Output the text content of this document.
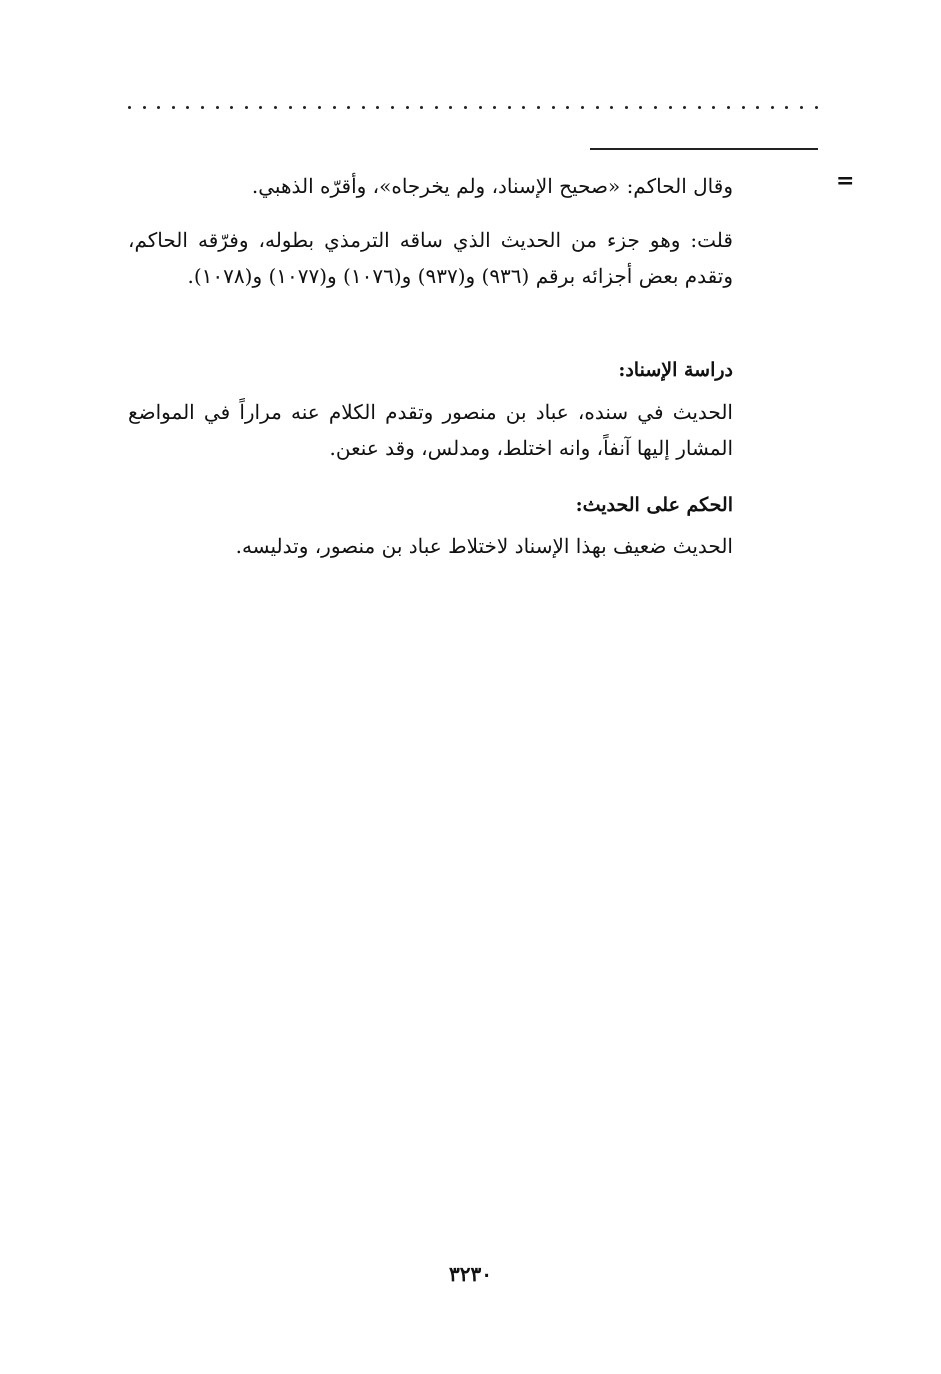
=
وقال الحاكم: «صحيح الإسناد، ولم يخرجاه»، وأقرّه الذهبي.
قلت: وهو جزء من الحديث الذي ساقه الترمذي بطوله، وفرّقه الحاكم، وتقدم بعض أجزائه برقم (٩٣٦) و(٩٣٧) و(١٠٧٦) و(١٠٧٧) و(١٠٧٨).
دراسة الإسناد:
الحديث في سنده، عباد بن منصور وتقدم الكلام عنه مراراً في المواضع المشار إليها آنفاً، وانه اختلط، ومدلس، وقد عنعن.
الحكم على الحديث:
الحديث ضعيف بهذا الإسناد لاختلاط عباد بن منصور، وتدليسه.
٣٢٣٠
